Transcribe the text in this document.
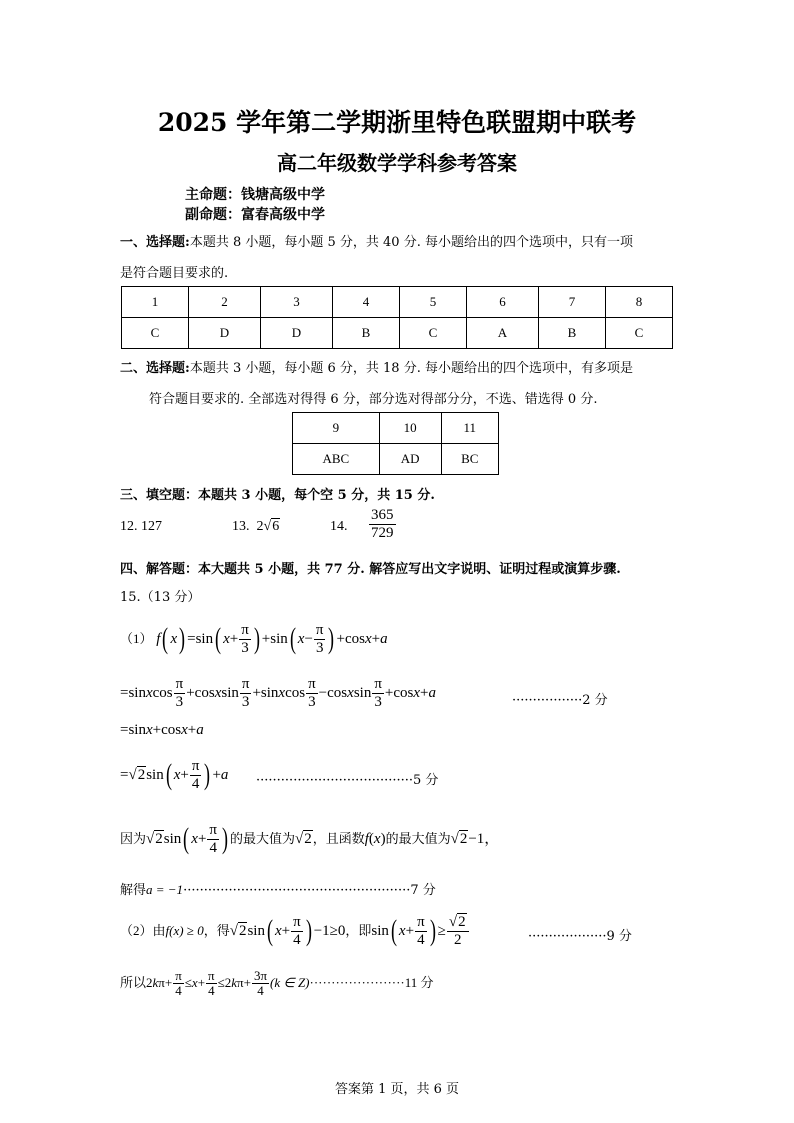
2025 学年第二学期浙里特色联盟期中联考
高二年级数学学科参考答案
主命题：钱塘高级中学
副命题：富春高级中学
一、选择题:本题共 8 小题，每小题 5 分，共 40 分. 每小题给出的四个选项中，只有一项
是符合题目要求的.
1	2	3	4	5	6	7	8
C	D	D	B	C	A	B	C
二、选择题:本题共 3 小题，每小题 6 分，共 18 分. 每小题给出的四个选项中，有多项是
符合题目要求的. 全部选对得得 6 分，部分选对得部分分，不选、错选得 0 分.
9	10	11
ABC	AD	BC
三、填空题：本题共 3 小题，每个空 5 分，共 15 分.
12. 127	13. 2√6	14. $\frac{365}{729}$
四、解答题：本大题共 5 小题，共 77 分. 解答应写出文字说明、证明过程或演算步骤.
15.（13 分）
（1） f( x) =sin( $x+ \frac{\pi}{3}$ ) +sin( $x- \frac{\pi}{3}$ ) +cosx+a
=sinxcos $\frac{\pi}{3}$ +cosxsin $\frac{\pi}{3}$ +sinxcos $\frac{\pi}{3}$ −cosxsin $\frac{\pi}{3} +\cos x+a$	·················2 分
=sinx+cosx+a
=√2sin( $x+ \frac{\pi}{4}$ ) +a ······································5 分
因为√2sin( $x+ \frac{\pi}{4}$ ) 的最大值为√2，且函数f(x)的最大值为√2−1，
解得a = −1·······················································7 分
（2）由f(x) ≥ 0，得√2sin( $x+ \frac{\pi}{4}$ ) −1≥0，即sin( $x+ \frac{\pi}{4}$ ) ≥ $\frac{√2}{2}$	···················9 分
所以$2k\pi+ \frac{\pi}{4} \le x+ \frac{\pi}{4} \le 2k\pi+ \frac{3\pi}{4} (k$ ∈ Z)······················11 分
答案第 1 页，共 6 页
